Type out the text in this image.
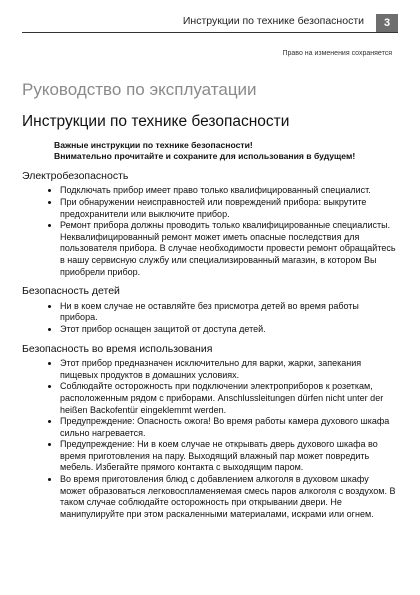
Инструкции по технике безопасности	3
Право на изменения сохраняется
Руководство по эксплуатации
Инструкции по технике безопасности
Важные инструкции по технике безопасности!
Внимательно прочитайте и сохраните для использования в будущем!
Электробезопасность
• Подключать прибор имеет право только квалифицированный специалист.
• При обнаружении неисправностей или повреждений прибора: выкрутите предохранители или выключите прибор.
• Ремонт прибора должны проводить только квалифицированные специалисты. Неквалифицированный ремонт может иметь опасные последствия для пользователя прибора. В случае необходимости провести ремонт обращайтесь в нашу сервисную службу или специализированный магазин, в котором Вы приобрели прибор.
Безопасность детей
• Ни в коем случае не оставляйте без присмотра детей во время работы прибора.
• Этот прибор оснащен защитой от доступа детей.
Безопасность во время использования
• Этот прибор предназначен исключительно для варки, жарки, запекания пищевых продуктов в домашних условиях.
• Соблюдайте осторожность при подключении электроприборов к розеткам, расположенным рядом с приборами. Anschlussleitungen dürfen nicht unter der heißen Backofentür eingeklemmt werden.
• Предупреждение: Опасность ожога! Во время работы камера духового шкафа сильно нагревается.
• Предупреждение: Ни в коем случае не открывать дверь духового шкафа во время приготовления на пару. Выходящий влажный пар может повредить мебель. Избегайте прямого контакта с выходящим паром.
• Во время приготовления блюд с добавлением алкоголя в духовом шкафу может образоваться легковоспламеняемая смесь паров алкоголя с воздухом. В таком случае соблюдайте осторожность при открывании двери. Не манипулируйте при этом раскаленными материалами, искрами или огнем.
